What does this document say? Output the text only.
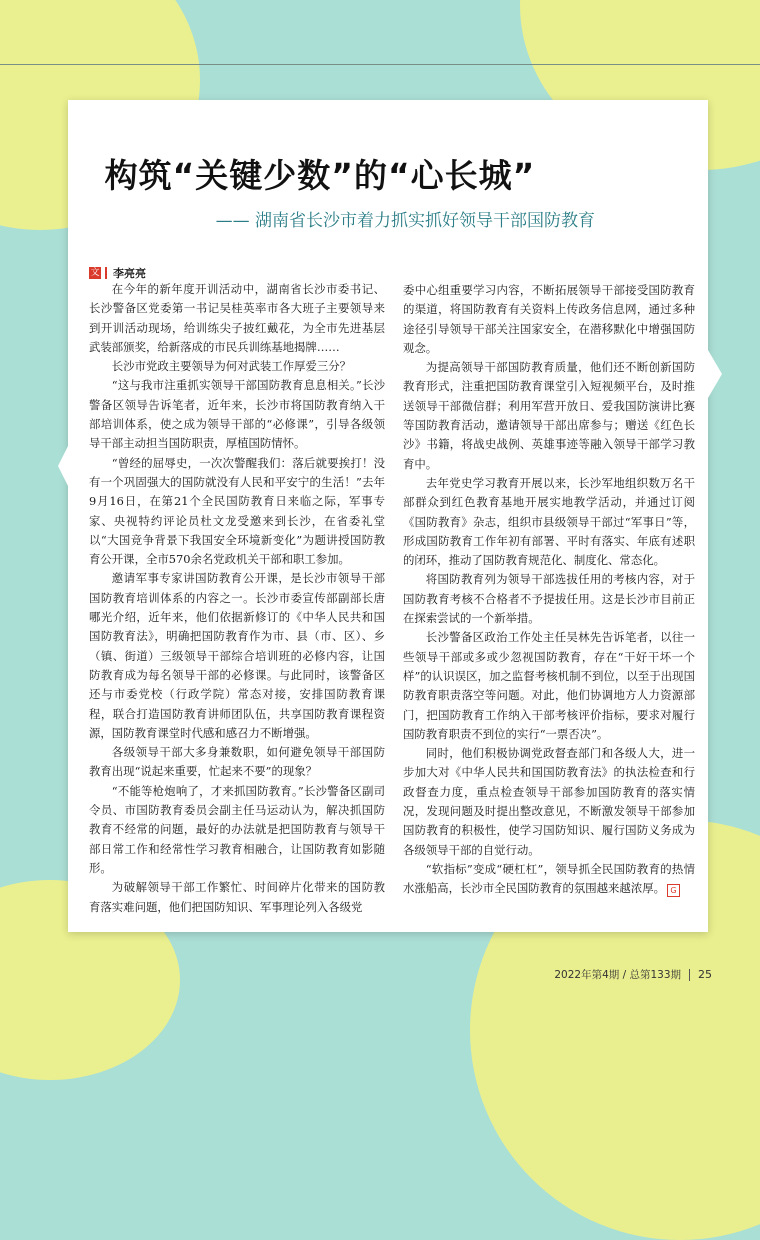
构筑“关键少数”的“心长城”
—— 湖南省长沙市着力抓实抓好领导干部国防教育
文 李亮亮

在今年的新年度开训活动中，湖南省长沙市委书记、长沙警备区党委第一书记吴桂英率市各大班子主要领导来到开训活动现场，给训练尖子披红戴花，为全市先进基层武装部颁奖，给新落成的市民兵训练基地揭牌……

长沙市党政主要领导为何对武装工作厚爱三分？

“这与我市注重抓实领导干部国防教育息息相关。”长沙警备区领导告诉笔者，近年来，长沙市将国防教育纳入干部培训体系，使之成为领导干部的“必修课”，引导各级领导干部主动担当国防职责，厚植国防情怀。

“曾经的屈辱史，一次次警醒我们：落后就要挨打！没有一个巩固强大的国防就没有人民和平安宁的生活！”去年9月16日，在第21个全民国防教育日来临之际，军事专家、央视特约评论员杜文龙受邀来到长沙，在省委礼堂以“大国竞争背景下我国安全环境新变化”为题讲授国防教育公开课，全市570余名党政机关干部和职工参加。

邀请军事专家讲国防教育公开课，是长沙市领导干部国防教育培训体系的内容之一。长沙市委宣传部副部长唐哪光介绍，近年来，他们依据新修订的《中华人民共和国国防教育法》，明确把国防教育作为市、县（市、区）、乡（镇、街道）三级领导干部综合培训班的必修内容，让国防教育成为每名领导干部的必修课。与此同时，该警备区还与市委党校（行政学院）常态对接，安排国防教育课程，联合打造国防教育讲师团队伍，共享国防教育课程资源，国防教育课堂时代感和感召力不断增强。

各级领导干部大多身兼数职，如何避免领导干部国防教育出现“说起来重要，忙起来不要”的现象？

“不能等枪炮响了，才来抓国防教育。”长沙警备区副司令员、市国防教育委员会副主任马运动认为，解决抓国防教育不经常的问题，最好的办法就是把国防教育与领导干部日常工作和经常性学习教育相融合，让国防教育如影随形。

为破解领导干部工作繁忙、时间碎片化带来的国防教育落实难问题，他们把国防知识、军事理论列入各级党

委中心组重要学习内容，不断拓展领导干部接受国防教育的渠道，将国防教育有关资料上传政务信息网，通过多种途径引导领导干部关注国家安全，在潜移默化中增强国防观念。

为提高领导干部国防教育质量，他们还不断创新国防教育形式，注重把国防教育课堂引入短视频平台，及时推送领导干部微信群；利用军营开放日、爱我国防演讲比赛等国防教育活动，邀请领导干部出席参与；赠送《红色长沙》书籍，将战史战例、英雄事迹等融入领导干部学习教育中。

去年党史学习教育开展以来，长沙军地组织数万名干部群众到红色教育基地开展实地教学活动，并通过订阅《国防教育》杂志，组织市县级领导干部过“军事日”等，形成国防教育工作年初有部署、平时有落实、年底有述职的闭环，推动了国防教育规范化、制度化、常态化。

将国防教育列为领导干部选拔任用的考核内容，对于国防教育考核不合格者不予提拔任用。这是长沙市目前正在探索尝试的一个新举措。

长沙警备区政治工作处主任吴林先告诉笔者，以往一些领导干部或多或少忽视国防教育，存在“干好干坏一个样”的认识误区，加之监督考核机制不到位，以至于出现国防教育职责落空等问题。对此，他们协调地方人力资源部门，把国防教育工作纳入干部考核评价指标，要求对履行国防教育职责不到位的实行“一票否决”。

同时，他们积极协调党政督查部门和各级人大，进一步加大对《中华人民共和国国防教育法》的执法检查和行政督查力度，重点检查领导干部参加国防教育的落实情况，发现问题及时提出整改意见，不断激发领导干部参加国防教育的积极性，使学习国防知识、履行国防义务成为各级领导干部的自觉行动。

“软指标”变成“硬杠杠”，领导抓全民国防教育的热情水涨船高，长沙市全民国防教育的氛围越来越浓厚。 G

2022年第4期 / 总第133期 25
